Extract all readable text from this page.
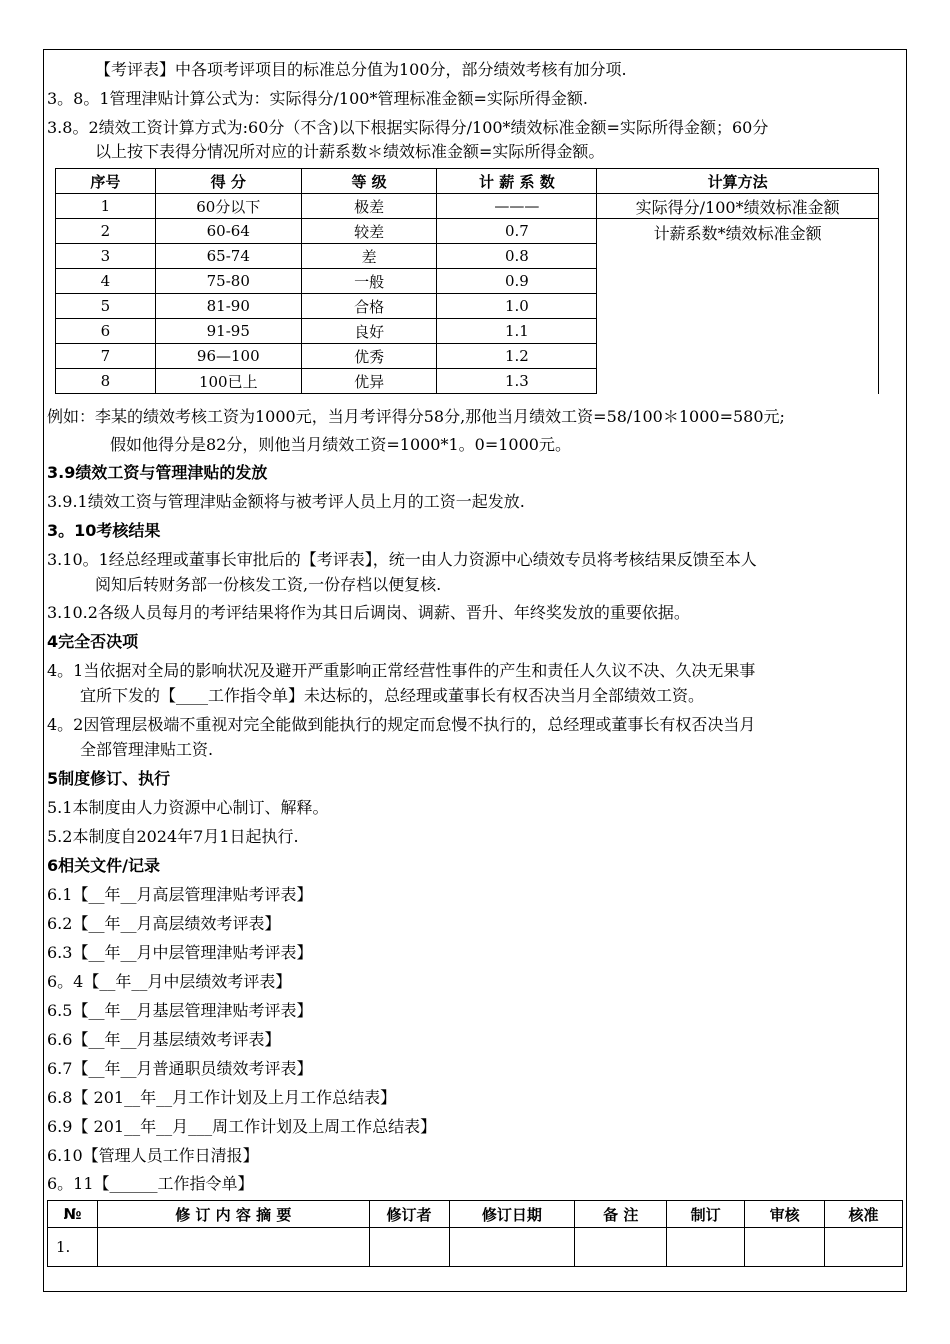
【考评表】中各项考评项目的标准总分值为100分，部分绩效考核有加分项.
3。8。1管理津贴计算公式为：实际得分/100*管理标准金额=实际所得金额.
3.8。2绩效工资计算方式为:60分（不含)以下根据实际得分/100*绩效标准金额=实际所得金额；60分
以上按下表得分情况所对应的计薪系数＊绩效标准金额=实际所得金额。
序号	得 分	等 级	计 薪 系 数	计算方法
1	60分以下	极差	———	实际得分/100*绩效标准金额
2	60-64	较差	0.7	计薪系数*绩效标准金额
3	65-74	差	0.8	
4	75-80	一般	0.9	
5	81-90	合格	1.0	
6	91-95	良好	1.1	
7	96—100	优秀	1.2	
8	100已上	优异	1.3	
例如：李某的绩效考核工资为1000元，当月考评得分58分,那他当月绩效工资=58/100＊1000=580元;
假如他得分是82分，则他当月绩效工资=1000*1。0=1000元。
3.9绩效工资与管理津贴的发放
3.9.1绩效工资与管理津贴金额将与被考评人员上月的工资一起发放.
3。10考核结果
3.10。1经总经理或董事长审批后的【考评表】，统一由人力资源中心绩效专员将考核结果反馈至本人
阅知后转财务部一份核发工资,一份存档以便复核.
3.10.2各级人员每月的考评结果将作为其日后调岗、调薪、晋升、年终奖发放的重要依据。
4完全否决项
4。1当依据对全局的影响状况及避开严重影响正常经营性事件的产生和责任人久议不决、久决无果事
宜所下发的【____工作指令单】未达标的，总经理或董事长有权否决当月全部绩效工资。
4。2因管理层极端不重视对完全能做到能执行的规定而怠慢不执行的，总经理或董事长有权否决当月
全部管理津贴工资.
5制度修订、执行
5.1本制度由人力资源中心制订、解释。
5.2本制度自2024年7月1日起执行.
6相关文件/记录
6.1【__年__月高层管理津贴考评表】
6.2【__年__月高层绩效考评表】
6.3【__年__月中层管理津贴考评表】
6。4【__年__月中层绩效考评表】
6.5【__年__月基层管理津贴考评表】
6.6【__年__月基层绩效考评表】
6.7【__年__月普通职员绩效考评表】
6.8【 201__年__月工作计划及上月工作总结表】
6.9【 201__年__月___周工作计划及上周工作总结表】
6.10【管理人员工作日清报】
6。11【______工作指令单】
№	修 订 内 容 摘 要	修订者	修订日期	备 注	制订	审核	核准
1.							
